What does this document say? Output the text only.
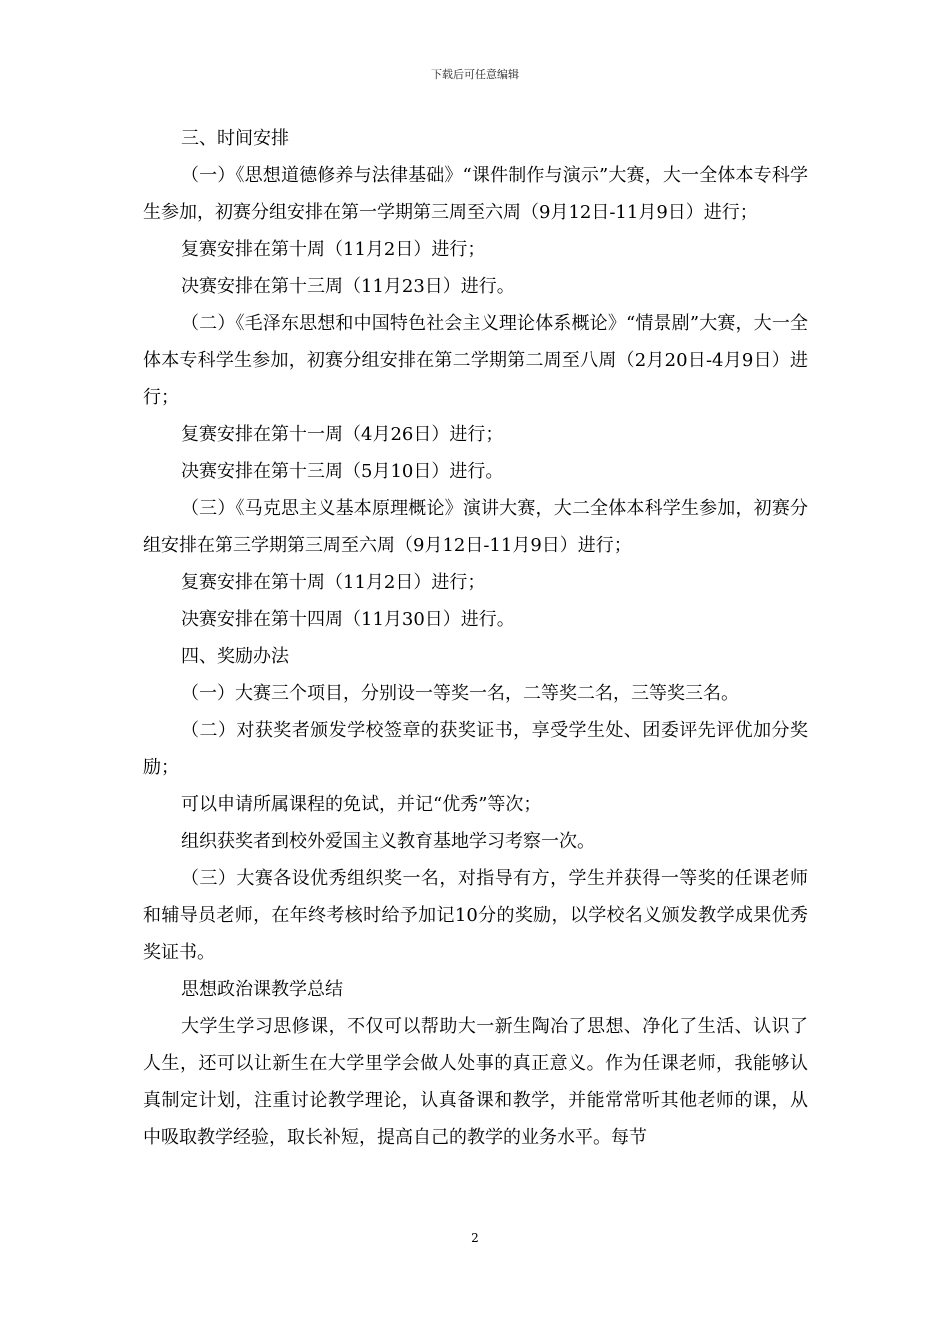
下载后可任意编辑

三、时间安排

（一）《思想道德修养与法律基础》“课件制作与演示”大赛，大一全体本专科学生参加，初赛分组安排在第一学期第三周至六周（9月12日-11月9日）进行；

复赛安排在第十周（11月2日）进行；

决赛安排在第十三周（11月23日）进行。

（二）《毛泽东思想和中国特色社会主义理论体系概论》“情景剧”大赛，大一全体本专科学生参加，初赛分组安排在第二学期第二周至八周（2月20日-4月9日）进行；

复赛安排在第十一周（4月26日）进行；

决赛安排在第十三周（5月10日）进行。

（三）《马克思主义基本原理概论》演讲大赛，大二全体本科学生参加，初赛分组安排在第三学期第三周至六周（9月12日-11月9日）进行；

复赛安排在第十周（11月2日）进行；

决赛安排在第十四周（11月30日）进行。

四、奖励办法

（一）大赛三个项目，分别设一等奖一名，二等奖二名，三等奖三名。

（二）对获奖者颁发学校签章的获奖证书，享受学生处、团委评先评优加分奖励；

可以申请所属课程的免试，并记“优秀”等次；

组织获奖者到校外爱国主义教育基地学习考察一次。

（三）大赛各设优秀组织奖一名，对指导有方，学生并获得一等奖的任课老师和辅导员老师，在年终考核时给予加记10分的奖励，以学校名义颁发教学成果优秀奖证书。

思想政治课教学总结

大学生学习思修课，不仅可以帮助大一新生陶冶了思想、净化了生活、认识了人生，还可以让新生在大学里学会做人处事的真正意义。作为任课老师，我能够认真制定计划，注重讨论教学理论，认真备课和教学，并能常常听其他老师的课，从中吸取教学经验，取长补短，提高自己的教学的业务水平。每节

2
